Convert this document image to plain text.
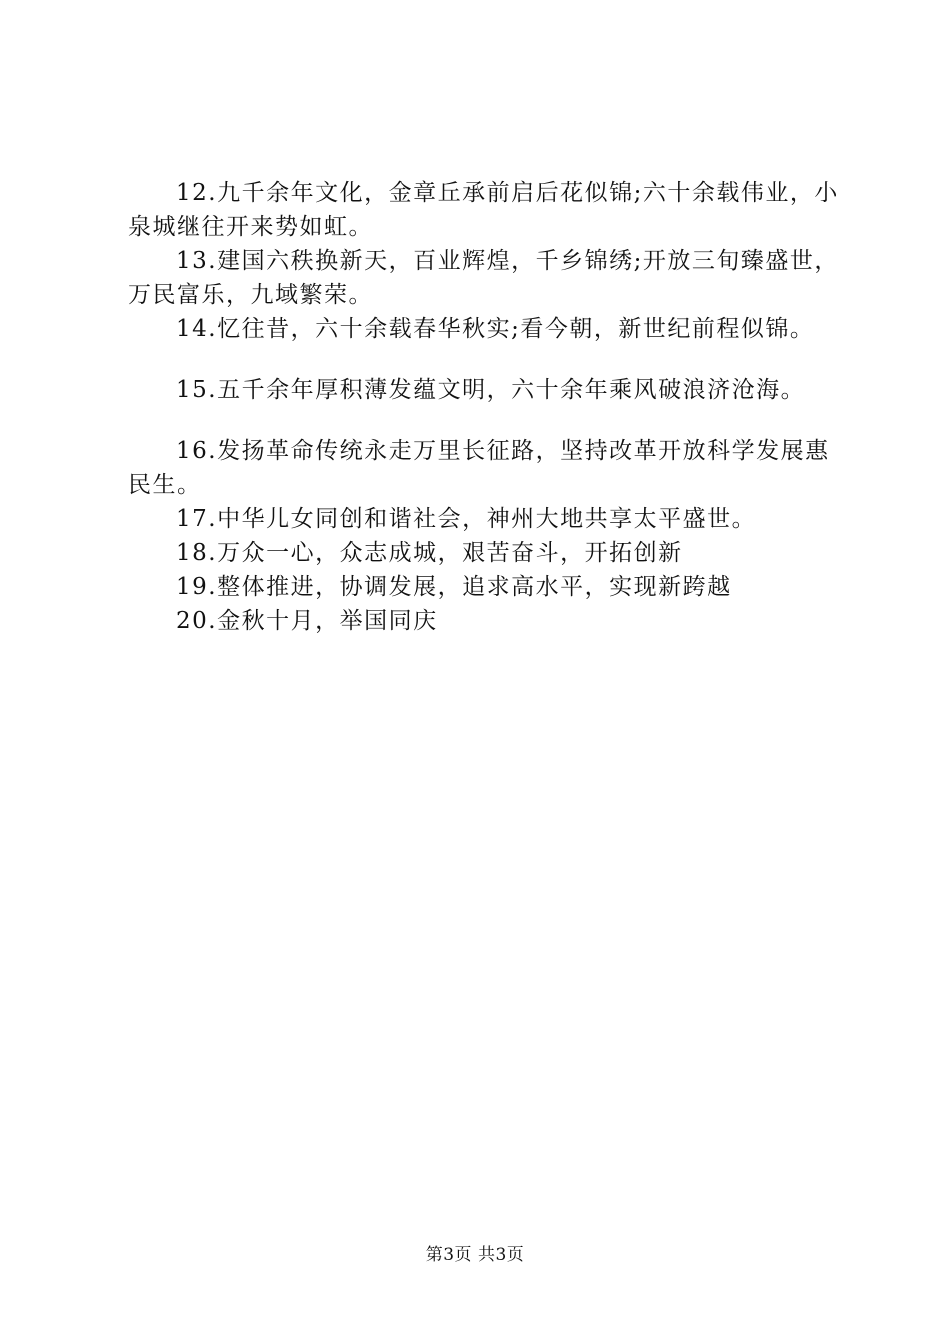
12.九千余年文化，金章丘承前启后花似锦;六十余载伟业，小泉城继往开来势如虹。

13.建国六秩换新天，百业辉煌，千乡锦绣;开放三旬臻盛世，万民富乐，九域繁荣。

14.忆往昔，六十余载春华秋实;看今朝，新世纪前程似锦。

15.五千余年厚积薄发蕴文明，六十余年乘风破浪济沧海。

16.发扬革命传统永走万里长征路，坚持改革开放科学发展惠民生。

17.中华儿女同创和谐社会，神州大地共享太平盛世。

18.万众一心，众志成城，艰苦奋斗，开拓创新

19.整体推进，协调发展，追求高水平，实现新跨越

20.金秋十月，举国同庆

第3页 共3页
